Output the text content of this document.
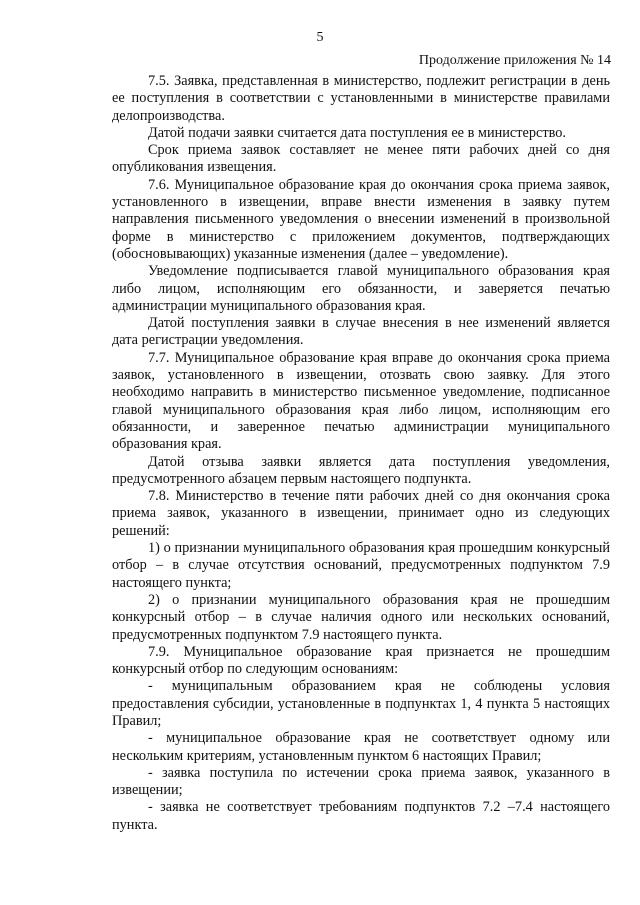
5
Продолжение приложения № 14

7.5. Заявка, представленная в министерство, подлежит регистрации в день ее поступления в соответствии с установленными в министерстве правилами делопроизводства.

Датой подачи заявки считается дата поступления ее в министерство.

Срок приема заявок составляет не менее пяти рабочих дней со дня опубликования извещения.

7.6. Муниципальное образование края до окончания срока приема заявок, установленного в извещении, вправе внести изменения в заявку путем направления письменного уведомления о внесении изменений в произвольной форме в министерство с приложением документов, подтверждающих (обосновывающих) указанные изменения (далее – уведомление).

Уведомление подписывается главой муниципального образования края либо лицом, исполняющим его обязанности, и заверяется печатью администрации муниципального образования края.

Датой поступления заявки в случае внесения в нее изменений является дата регистрации уведомления.

7.7. Муниципальное образование края вправе до окончания срока приема заявок, установленного в извещении, отозвать свою заявку. Для этого необходимо направить в министерство письменное уведомление, подписанное главой муниципального образования края либо лицом, исполняющим его обязанности, и заверенное печатью администрации муниципального образования края.

Датой отзыва заявки является дата поступления уведомления, предусмотренного абзацем первым настоящего подпункта.

7.8. Министерство в течение пяти рабочих дней со дня окончания срока приема заявок, указанного в извещении, принимает одно из следующих решений:

1) о признании муниципального образования края прошедшим конкурсный отбор – в случае отсутствия оснований, предусмотренных подпунктом 7.9 настоящего пункта;

2) о признании муниципального образования края не прошедшим конкурсный отбор – в случае наличия одного или нескольких оснований, предусмотренных подпунктом 7.9 настоящего пункта.

7.9. Муниципальное образование края признается не прошедшим конкурсный отбор по следующим основаниям:

- муниципальным образованием края не соблюдены условия предоставления субсидии, установленные в подпунктах 1, 4 пункта 5 настоящих Правил;

- муниципальное образование края не соответствует одному или нескольким критериям, установленным пунктом 6 настоящих Правил;

- заявка поступила по истечении срока приема заявок, указанного в извещении;

- заявка не соответствует требованиям подпунктов 7.2 –7.4 настоящего пункта.
